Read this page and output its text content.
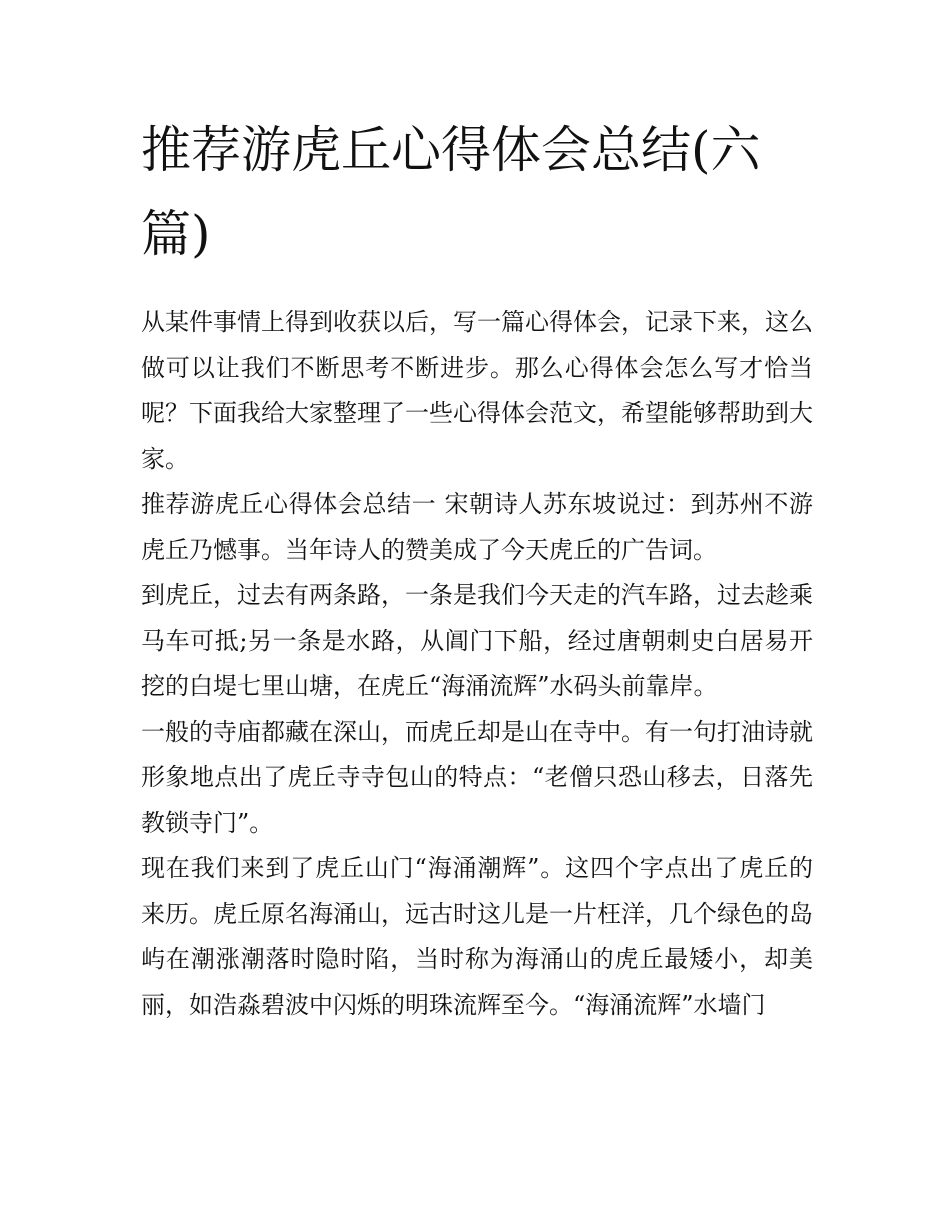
推荐游虎丘心得体会总结(六篇)

从某件事情上得到收获以后，写一篇心得体会，记录下来，这么做可以让我们不断思考不断进步。那么心得体会怎么写才恰当呢？下面我给大家整理了一些心得体会范文，希望能够帮助到大家。

推荐游虎丘心得体会总结一 宋朝诗人苏东坡说过：到苏州不游虎丘乃憾事。当年诗人的赞美成了今天虎丘的广告词。

到虎丘，过去有两条路，一条是我们今天走的汽车路，过去趁乘马车可抵;另一条是水路，从阊门下船，经过唐朝刺史白居易开挖的白堤七里山塘，在虎丘“海涌流辉”水码头前靠岸。

一般的寺庙都藏在深山，而虎丘却是山在寺中。有一句打油诗就形象地点出了虎丘寺寺包山的特点：“老僧只恐山移去，日落先教锁寺门”。

现在我们来到了虎丘山门“海涌潮辉”。这四个字点出了虎丘的来历。虎丘原名海涌山，远古时这儿是一片枉洋，几个绿色的岛屿在潮涨潮落时隐时陷，当时称为海涌山的虎丘最矮小，却美丽，如浩淼碧波中闪烁的明珠流辉至今。“海涌流辉”水墙门
